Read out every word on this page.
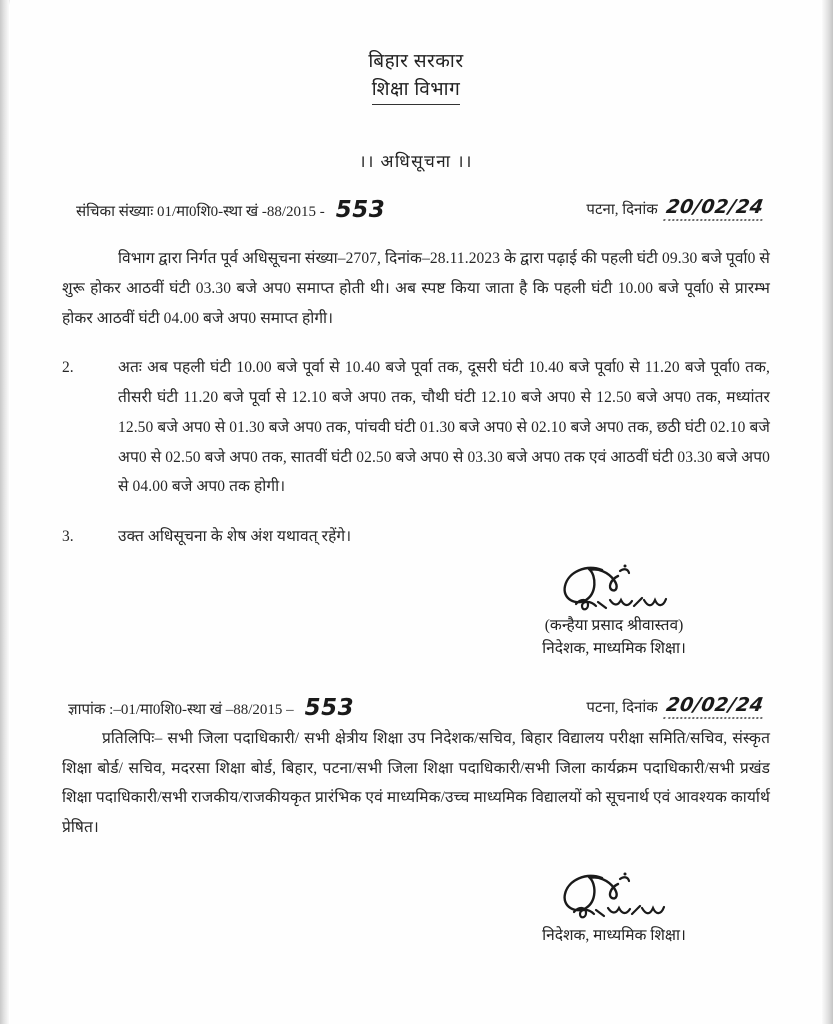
बिहार सरकार
शिक्षा विभाग
।। अधिसूचना ।।
संचिका संख्याः 01/मा0शि0-स्था खं -88/2015 - 553	पटना, दिनांक 20/02/24
विभाग द्वारा निर्गत पूर्व अधिसूचना संख्या–2707, दिनांक–28.11.2023 के द्वारा पढ़ाई की पहली घंटी 09.30 बजे पूर्वा0 से शुरू होकर आठवीं घंटी 03.30 बजे अप0 समाप्त होती थी। अब स्पष्ट किया जाता है कि पहली घंटी 10.00 बजे पूर्वा0 से प्रारम्भ होकर आठवीं घंटी 04.00 बजे अप0 समाप्त होगी।
2.	अतः अब पहली घंटी 10.00 बजे पूर्वा से 10.40 बजे पूर्वा तक, दूसरी घंटी 10.40 बजे पूर्वा0 से 11.20 बजे पूर्वा0 तक, तीसरी घंटी 11.20 बजे पूर्वा से 12.10 बजे अप0 तक, चौथी घंटी 12.10 बजे अप0 से 12.50 बजे अप0 तक, मध्यांतर 12.50 बजे अप0 से 01.30 बजे अप0 तक, पांचवी घंटी 01.30 बजे अप0 से 02.10 बजे अप0 तक, छठी घंटी 02.10 बजे अप0 से 02.50 बजे अप0 तक, सातवीं घंटी 02.50 बजे अप0 से 03.30 बजे अप0 तक एवं आठवीं घंटी 03.30 बजे अप0 से 04.00 बजे अप0 तक होगी।
3.	उक्त अधिसूचना के शेष अंश यथावत् रहेंगे।
(कन्हैया प्रसाद श्रीवास्तव)
निदेशक, माध्यमिक शिक्षा।
ज्ञापांक :–01/मा0शि0-स्था खं –88/2015 – 553	पटना, दिनांक 20/02/24
प्रतिलिपिः– सभी जिला पदाधिकारी/ सभी क्षेत्रीय शिक्षा उप निदेशक/सचिव, बिहार विद्यालय परीक्षा समिति/सचिव, संस्कृत शिक्षा बोर्ड/ सचिव, मदरसा शिक्षा बोर्ड, बिहार, पटना/सभी जिला शिक्षा पदाधिकारी/सभी जिला कार्यक्रम पदाधिकारी/सभी प्रखंड शिक्षा पदाधिकारी/सभी राजकीय/राजकीयकृत प्रारंभिक एवं माध्यमिक/उच्च माध्यमिक विद्यालयों को सूचनार्थ एवं आवश्यक कार्यार्थ प्रेषित।
निदेशक, माध्यमिक शिक्षा।
